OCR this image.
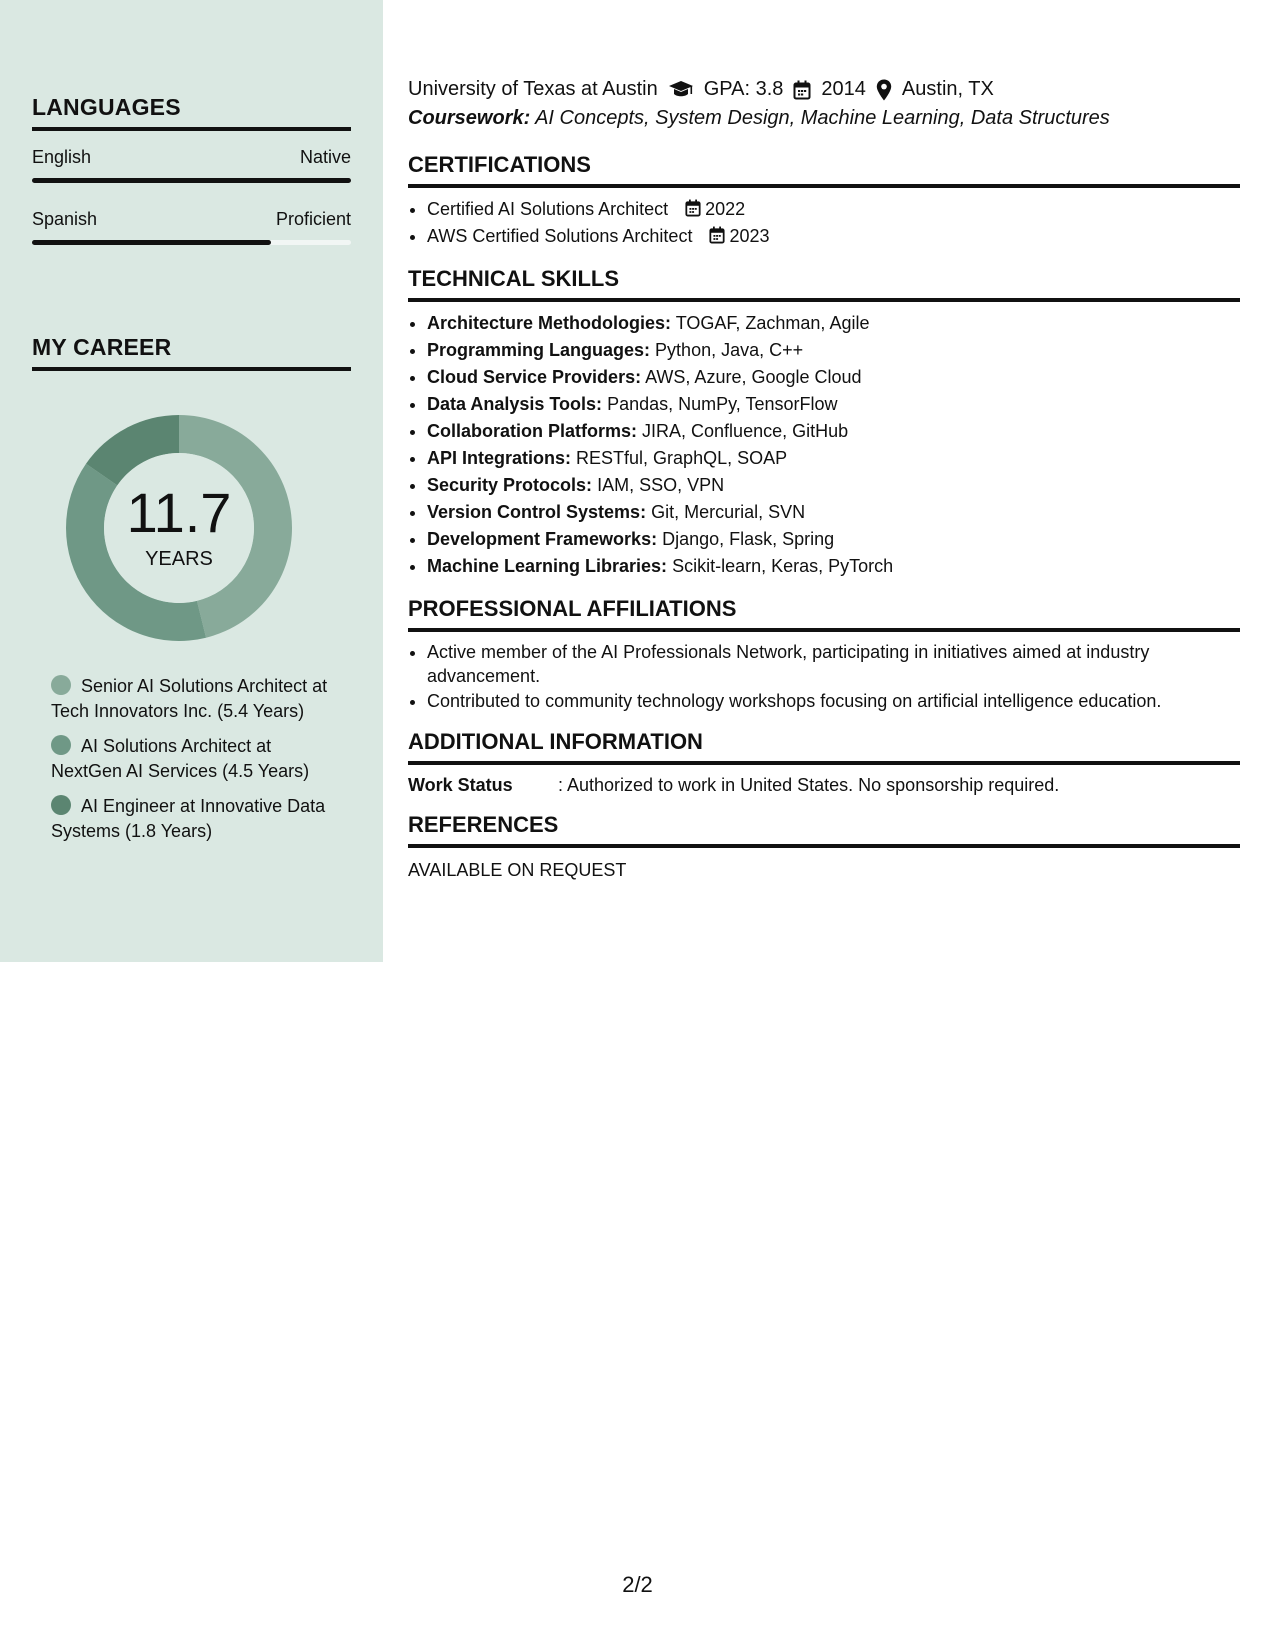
LANGUAGES
English	Native
Spanish	Proficient
MY CAREER
11.7
YEARS
Senior AI Solutions Architect at Tech Innovators Inc. (5.4 Years)
AI Solutions Architect at NextGen AI Services (4.5 Years)
AI Engineer at Innovative Data Systems (1.8 Years)
University of Texas at Austin GPA: 3.8 2014 Austin, TX
Coursework: AI Concepts, System Design, Machine Learning, Data Structures
CERTIFICATIONS
• Certified AI Solutions Architect 2022
• AWS Certified Solutions Architect 2023
TECHNICAL SKILLS
• Architecture Methodologies: TOGAF, Zachman, Agile
• Programming Languages: Python, Java, C++
• Cloud Service Providers: AWS, Azure, Google Cloud
• Data Analysis Tools: Pandas, NumPy, TensorFlow
• Collaboration Platforms: JIRA, Confluence, GitHub
• API Integrations: RESTful, GraphQL, SOAP
• Security Protocols: IAM, SSO, VPN
• Version Control Systems: Git, Mercurial, SVN
• Development Frameworks: Django, Flask, Spring
• Machine Learning Libraries: Scikit-learn, Keras, PyTorch
PROFESSIONAL AFFILIATIONS
• Active member of the AI Professionals Network, participating in initiatives aimed at industry advancement.
• Contributed to community technology workshops focusing on artificial intelligence education.
ADDITIONAL INFORMATION
Work Status	: Authorized to work in United States. No sponsorship required.
REFERENCES
AVAILABLE ON REQUEST
2/2
